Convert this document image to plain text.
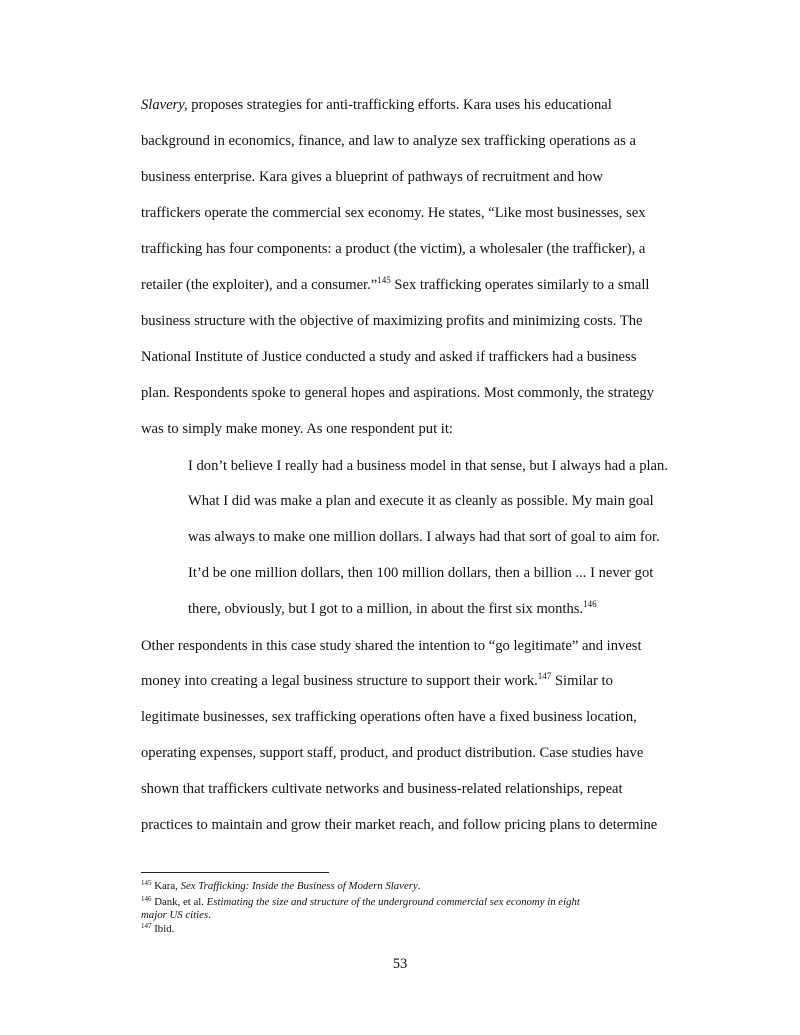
Slavery, proposes strategies for anti-trafficking efforts. Kara uses his educational
background in economics, finance, and law to analyze sex trafficking operations as a
business enterprise. Kara gives a blueprint of pathways of recruitment and how
traffickers operate the commercial sex economy. He states, “Like most businesses, sex
trafficking has four components: a product (the victim), a wholesaler (the trafficker), a
retailer (the exploiter), and a consumer.”$^{145}$ Sex trafficking operates similarly to a small
business structure with the objective of maximizing profits and minimizing costs. The
National Institute of Justice conducted a study and asked if traffickers had a business
plan. Respondents spoke to general hopes and aspirations. Most commonly, the strategy
was to simply make money. As one respondent put it:
I don’t believe I really had a business model in that sense, but I always had a plan.
What I did was make a plan and execute it as cleanly as possible. My main goal
was always to make one million dollars. I always had that sort of goal to aim for.
It’d be one million dollars, then 100 million dollars, then a billion ... I never got
there, obviously, but I got to a million, in about the first six months.$^{146}$
Other respondents in this case study shared the intention to “go legitimate” and invest
money into creating a legal business structure to support their work.$^{147}$ Similar to
legitimate businesses, sex trafficking operations often have a fixed business location,
operating expenses, support staff, product, and product distribution. Case studies have
shown that traffickers cultivate networks and business-related relationships, repeat
practices to maintain and grow their market reach, and follow pricing plans to determine
$^{145}$ Kara, Sex Trafficking: Inside the Business of Modern Slavery.
$^{146}$ Dank, et al. Estimating the size and structure of the underground commercial sex economy in eight
major US cities.
$^{147}$ Ibid.
53
